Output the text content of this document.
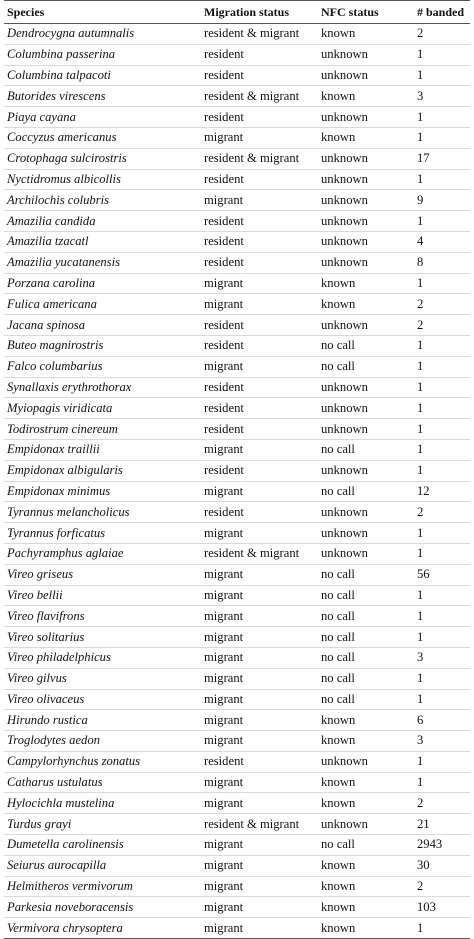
Species	Migration status	NFC status	# banded
Dendrocygna autumnalis	resident & migrant	known	2
Columbina passerina	resident	unknown	1
Columbina talpacoti	resident	unknown	1
Butorides virescens	resident & migrant	known	3
Piaya cayana	resident	unknown	1
Coccyzus americanus	migrant	known	1
Crotophaga sulcirostris	resident & migrant	unknown	17
Nyctidromus albicollis	resident	unknown	1
Archilochis colubris	migrant	unknown	9
Amazilia candida	resident	unknown	1
Amazilia tzacatl	resident	unknown	4
Amazilia yucatanensis	resident	unknown	8
Porzana carolina	migrant	known	1
Fulica americana	migrant	known	2
Jacana spinosa	resident	unknown	2
Buteo magnirostris	resident	no call	1
Falco columbarius	migrant	no call	1
Synallaxis erythrothorax	resident	unknown	1
Myiopagis viridicata	resident	unknown	1
Todirostrum cinereum	resident	unknown	1
Empidonax traillii	migrant	no call	1
Empidonax albigularis	resident	unknown	1
Empidonax minimus	migrant	no call	12
Tyrannus melancholicus	resident	unknown	2
Tyrannus forficatus	migrant	unknown	1
Pachyramphus aglaiae	resident & migrant	unknown	1
Vireo griseus	migrant	no call	56
Vireo bellii	migrant	no call	1
Vireo flavifrons	migrant	no call	1
Vireo solitarius	migrant	no call	1
Vireo philadelphicus	migrant	no call	3
Vireo gilvus	migrant	no call	1
Vireo olivaceus	migrant	no call	1
Hirundo rustica	migrant	known	6
Troglodytes aedon	migrant	known	3
Campylorhynchus zonatus	resident	unknown	1
Catharus ustulatus	migrant	known	1
Hylocichla mustelina	migrant	known	2
Turdus grayi	resident & migrant	unknown	21
Dumetella carolinensis	migrant	no call	2943
Seiurus aurocapilla	migrant	known	30
Helmitheros vermivorum	migrant	known	2
Parkesia noveboracensis	migrant	known	103
Vermivora chrysoptera	migrant	known	1
